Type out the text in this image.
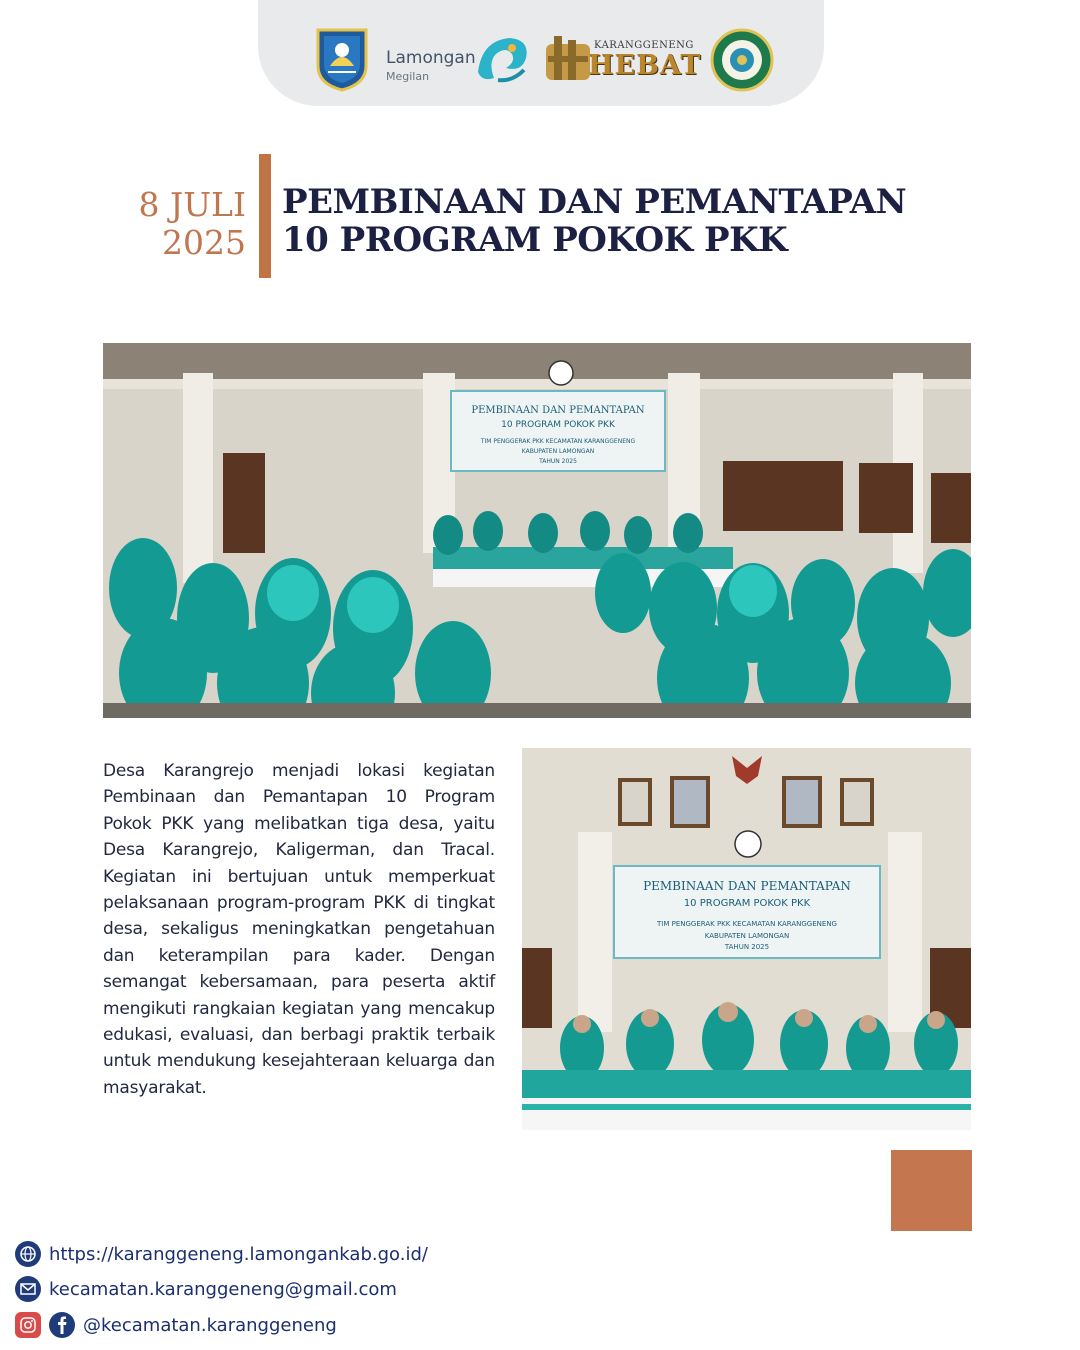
Lamongan
Megilan
KARANGGENENG
HEBAT
8 JULI
2025
PEMBINAAN DAN PEMANTAPAN 10 PROGRAM POKOK PKK
PEMBINAAN DAN PEMANTAPAN
10 PROGRAM POKOK PKK
TIM PENGGERAK PKK KECAMATAN KARANGGENENG
KABUPATEN LAMONGAN
TAHUN 2025
Desa Karangrejo menjadi lokasi kegiatan Pembinaan dan Pemantapan 10 Program Pokok PKK yang melibatkan tiga desa, yaitu Desa Karangrejo, Kaligerman, dan Tracal. Kegiatan ini bertujuan untuk memperkuat pelaksanaan program-program PKK di tingkat desa, sekaligus meningkatkan pengetahuan dan keterampilan para kader. Dengan semangat kebersamaan, para peserta aktif mengikuti rangkaian kegiatan yang mencakup edukasi, evaluasi, dan berbagi praktik terbaik untuk mendukung kesejahteraan keluarga dan masyarakat.
PEMBINAAN DAN PEMANTAPAN
10 PROGRAM POKOK PKK
TIM PENGGERAK PKK KECAMATAN KARANGGENENG
KABUPATEN LAMONGAN
TAHUN 2025
https://karanggeneng.lamongankab.go.id/
kecamatan.karanggeneng@gmail.com
@kecamatan.karanggeneng
